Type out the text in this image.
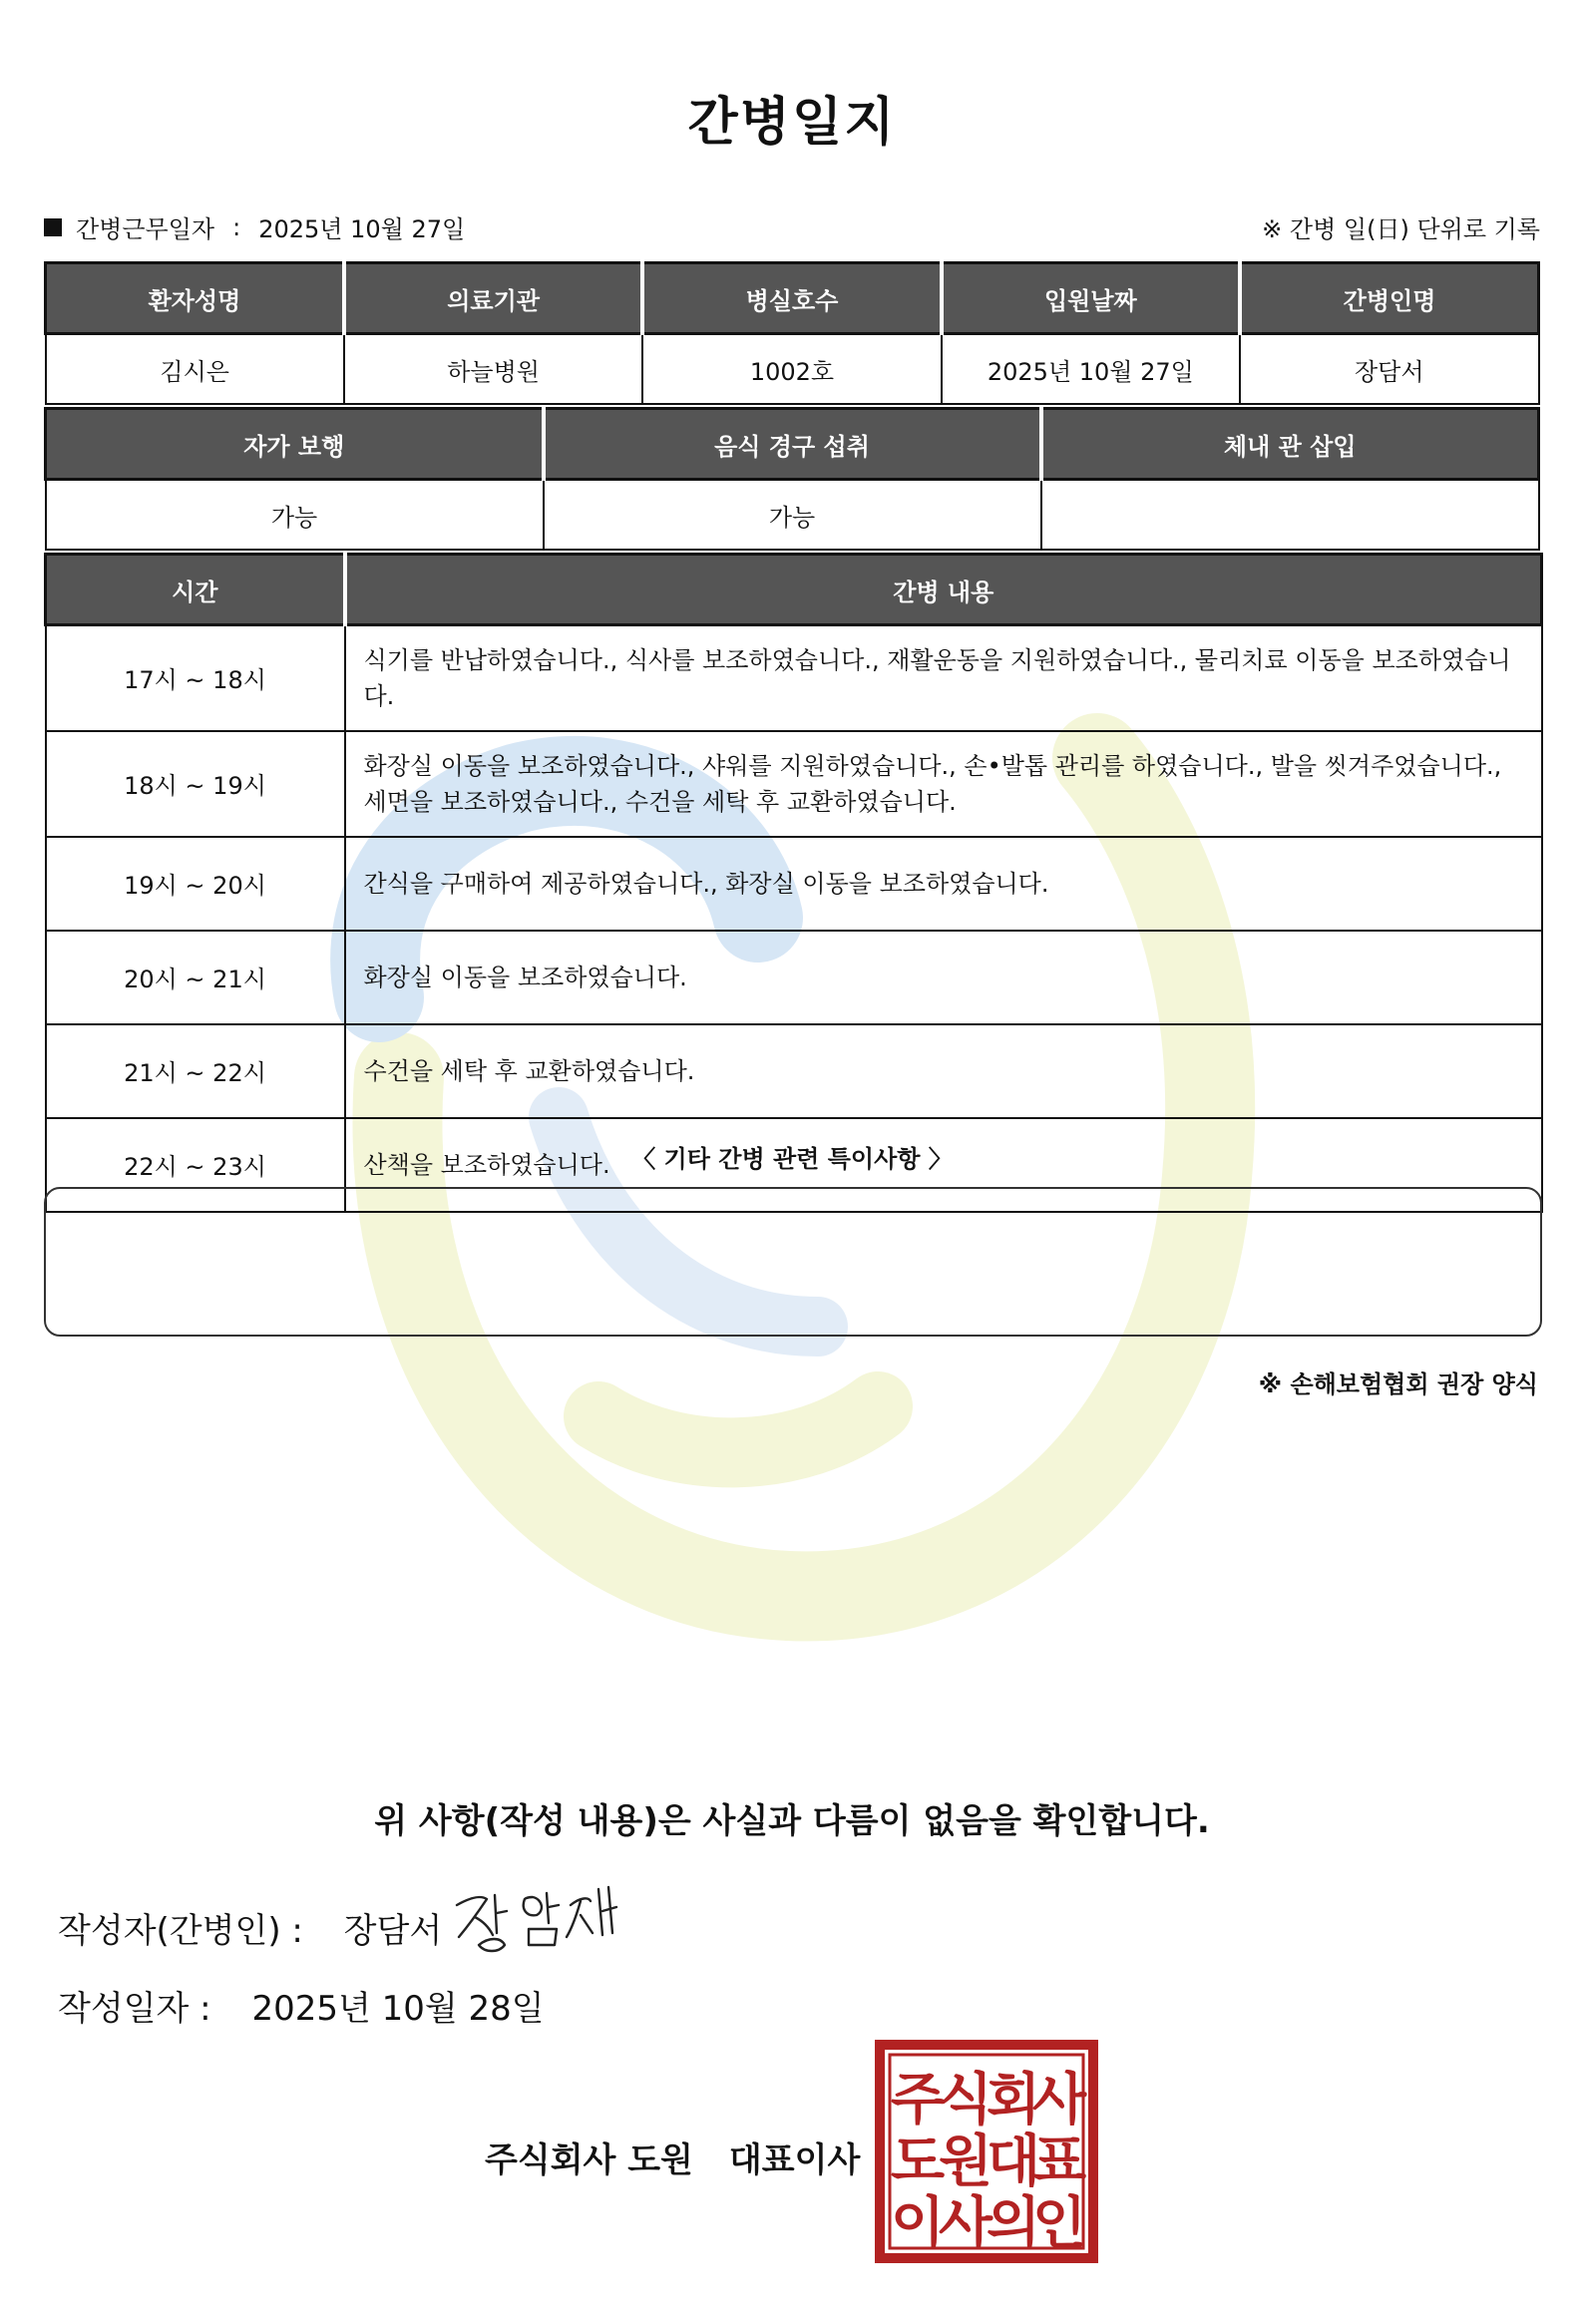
간병일지
간병근무일자 : 2025년 10월 27일	※ 간병 일(日) 단위로 기록
환자성명	의료기관	병실호수	입원날짜	간병인명
김시은	하늘병원	1002호	2025년 10월 27일	장담서
자가 보행	음식 경구 섭취	체내 관 삽입
가능	가능	
시간	간병 내용
17시 ~ 18시	식기를 반납하였습니다., 식사를 보조하였습니다., 재활운동을 지원하였습니다., 물리치료 이동을 보조하였습니다.
18시 ~ 19시	화장실 이동을 보조하였습니다., 샤워를 지원하였습니다., 손•발톱 관리를 하였습니다., 발을 씻겨주었습니다., 세면을 보조하였습니다., 수건을 세탁 후 교환하였습니다.
19시 ~ 20시	간식을 구매하여 제공하였습니다., 화장실 이동을 보조하였습니다.
20시 ~ 21시	화장실 이동을 보조하였습니다.
21시 ~ 22시	수건을 세탁 후 교환하였습니다.
22시 ~ 23시	산책을 보조하였습니다. 〈 기타 간병 관련 특이사항 〉
※ 손해보험협회 권장 양식
위 사항(작성 내용)은 사실과 다름이 없음을 확인합니다.
작성자(간병인) : 장담서
작성일자 : 2025년 10월 28일
주식회사 도원 대표이사
주
식
회
사
도
원
대
표
이
사
의
인
